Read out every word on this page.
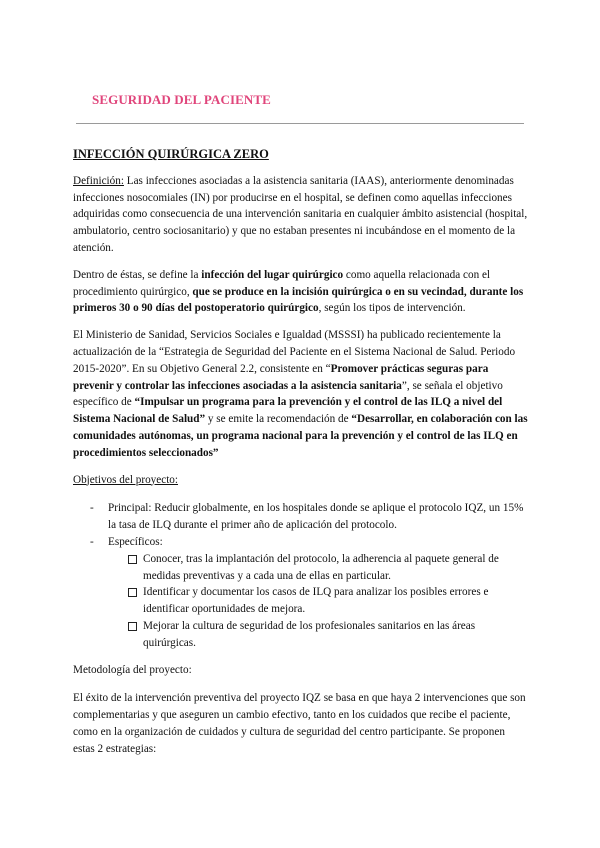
SEGURIDAD DEL PACIENTE
INFECCIÓN QUIRÚRGICA ZERO

Definición: Las infecciones asociadas a la asistencia sanitaria (IAAS), anteriormente denominadas infecciones nosocomiales (IN) por producirse en el hospital, se definen como aquellas infecciones adquiridas como consecuencia de una intervención sanitaria en cualquier ámbito asistencial (hospital, ambulatorio, centro sociosanitario) y que no estaban presentes ni incubándose en el momento de la atención.

Dentro de éstas, se define la infección del lugar quirúrgico como aquella relacionada con el procedimiento quirúrgico, que se produce en la incisión quirúrgica o en su vecindad, durante los primeros 30 o 90 días del postoperatorio quirúrgico, según los tipos de intervención.

El Ministerio de Sanidad, Servicios Sociales e Igualdad (MSSSI) ha publicado recientemente la actualización de la “Estrategia de Seguridad del Paciente en el Sistema Nacional de Salud. Periodo 2015-2020”. En su Objetivo General 2.2, consistente en “Promover prácticas seguras para prevenir y controlar las infecciones asociadas a la asistencia sanitaria”, se señala el objetivo específico de “Impulsar un programa para la prevención y el control de las ILQ a nivel del Sistema Nacional de Salud” y se emite la recomendación de “Desarrollar, en colaboración con las comunidades autónomas, un programa nacional para la prevención y el control de las ILQ en procedimientos seleccionados”

Objetivos del proyecto:
- Principal: Reducir globalmente, en los hospitales donde se aplique el protocolo IQZ, un 15% la tasa de ILQ durante el primer año de aplicación del protocolo.
- Específicos:
Conocer, tras la implantación del protocolo, la adherencia al paquete general de medidas preventivas y a cada una de ellas en particular.
Identificar y documentar los casos de ILQ para analizar los posibles errores e identificar oportunidades de mejora.
Mejorar la cultura de seguridad de los profesionales sanitarios en las áreas quirúrgicas.
Metodología del proyecto:

El éxito de la intervención preventiva del proyecto IQZ se basa en que haya 2 intervenciones que son complementarias y que aseguren un cambio efectivo, tanto en los cuidados que recibe el paciente, como en la organización de cuidados y cultura de seguridad del centro participante. Se proponen estas 2 estrategias:
